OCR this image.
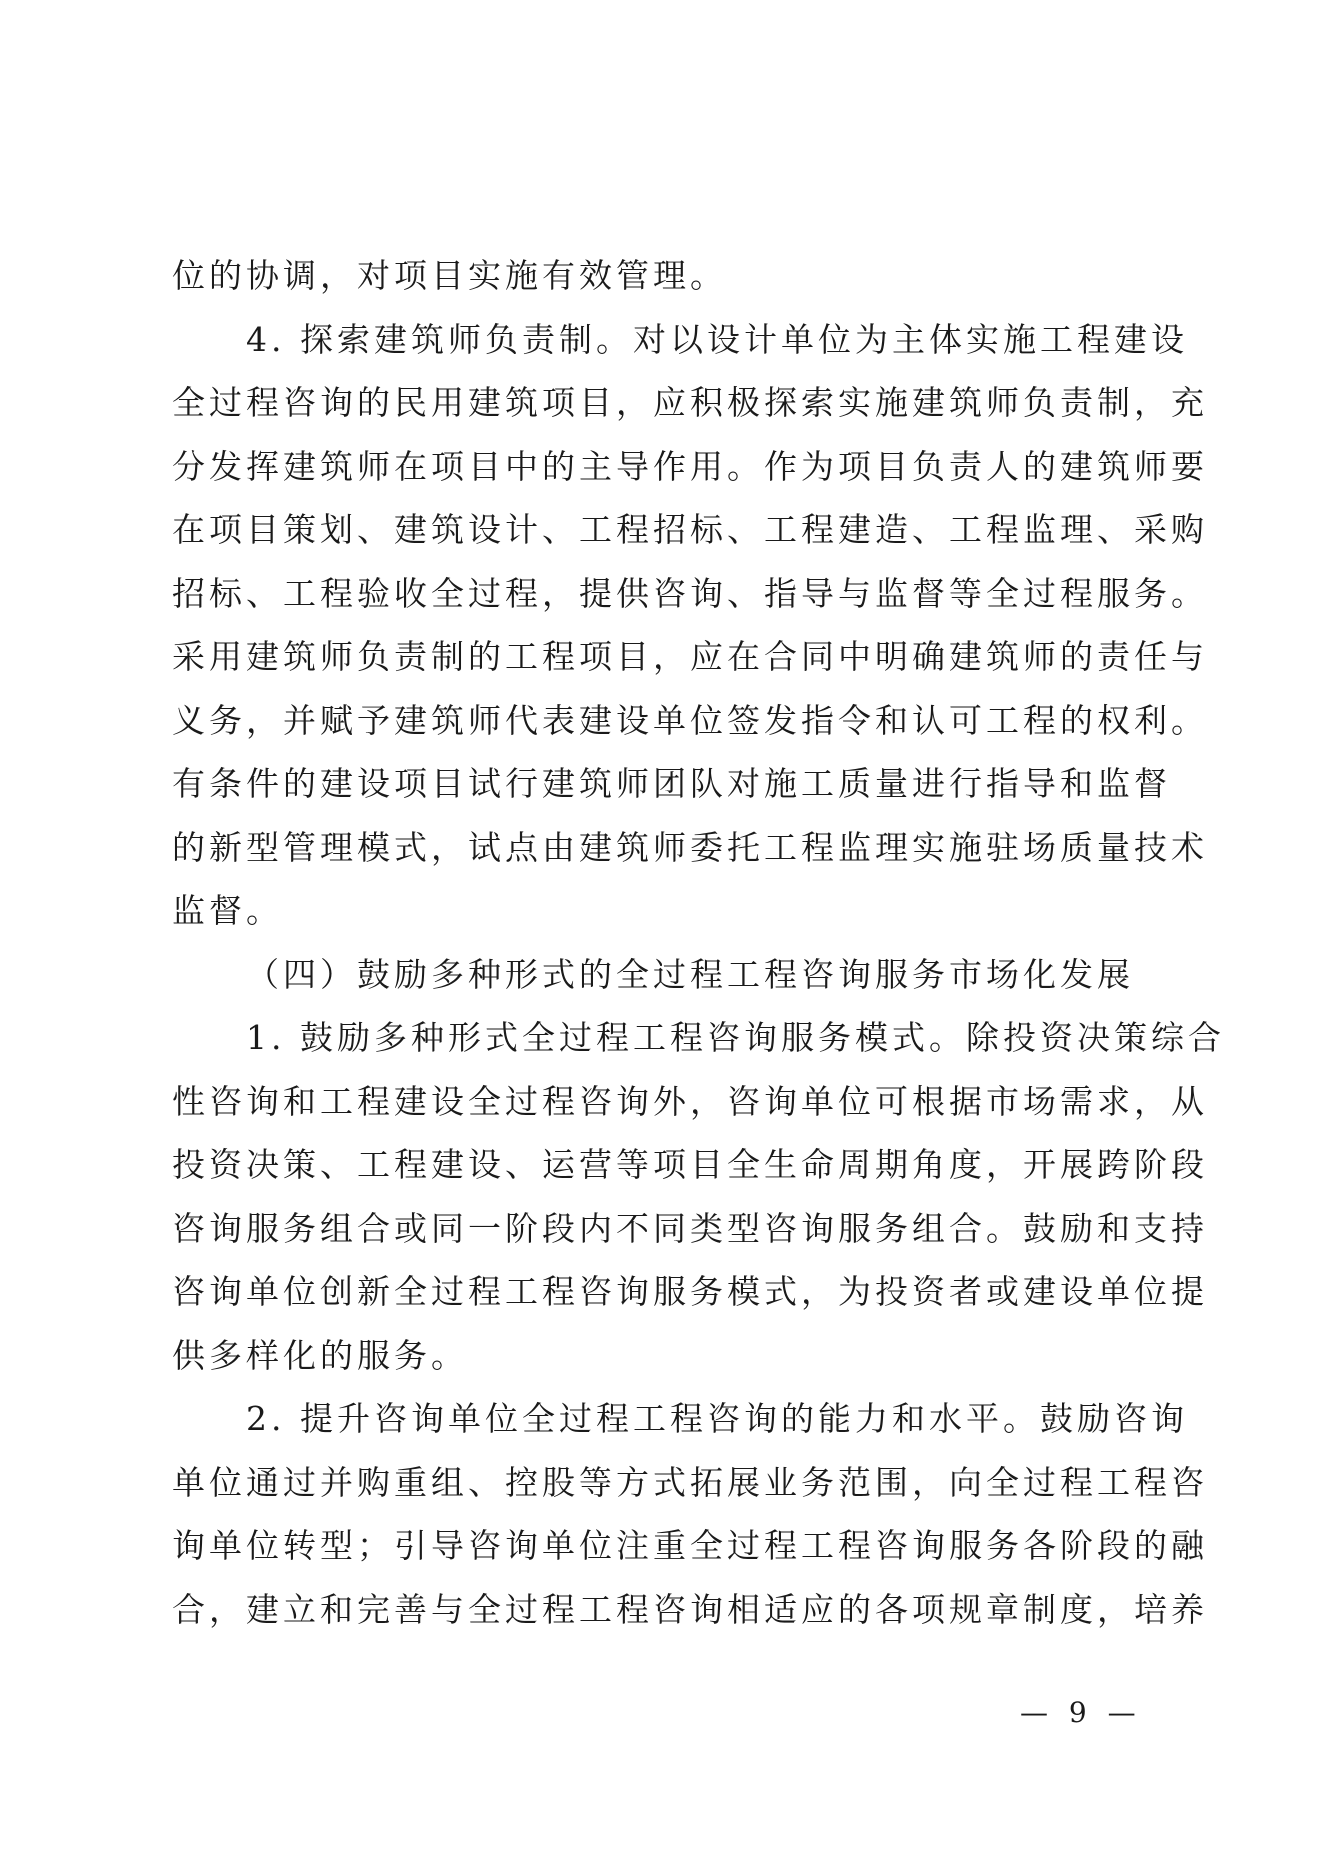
位的协调，对项目实施有效管理。
4. 探索建筑师负责制。对以设计单位为主体实施工程建设
全过程咨询的民用建筑项目，应积极探索实施建筑师负责制，充
分发挥建筑师在项目中的主导作用。作为项目负责人的建筑师要
在项目策划、建筑设计、工程招标、工程建造、工程监理、采购
招标、工程验收全过程，提供咨询、指导与监督等全过程服务。
采用建筑师负责制的工程项目，应在合同中明确建筑师的责任与
义务，并赋予建筑师代表建设单位签发指令和认可工程的权利。
有条件的建设项目试行建筑师团队对施工质量进行指导和监督
的新型管理模式，试点由建筑师委托工程监理实施驻场质量技术
监督。
（四）鼓励多种形式的全过程工程咨询服务市场化发展
1. 鼓励多种形式全过程工程咨询服务模式。除投资决策综合
性咨询和工程建设全过程咨询外，咨询单位可根据市场需求，从
投资决策、工程建设、运营等项目全生命周期角度，开展跨阶段
咨询服务组合或同一阶段内不同类型咨询服务组合。鼓励和支持
咨询单位创新全过程工程咨询服务模式，为投资者或建设单位提
供多样化的服务。
2. 提升咨询单位全过程工程咨询的能力和水平。鼓励咨询
单位通过并购重组、控股等方式拓展业务范围，向全过程工程咨
询单位转型；引导咨询单位注重全过程工程咨询服务各阶段的融
合，建立和完善与全过程工程咨询相适应的各项规章制度，培养
— 9 —
